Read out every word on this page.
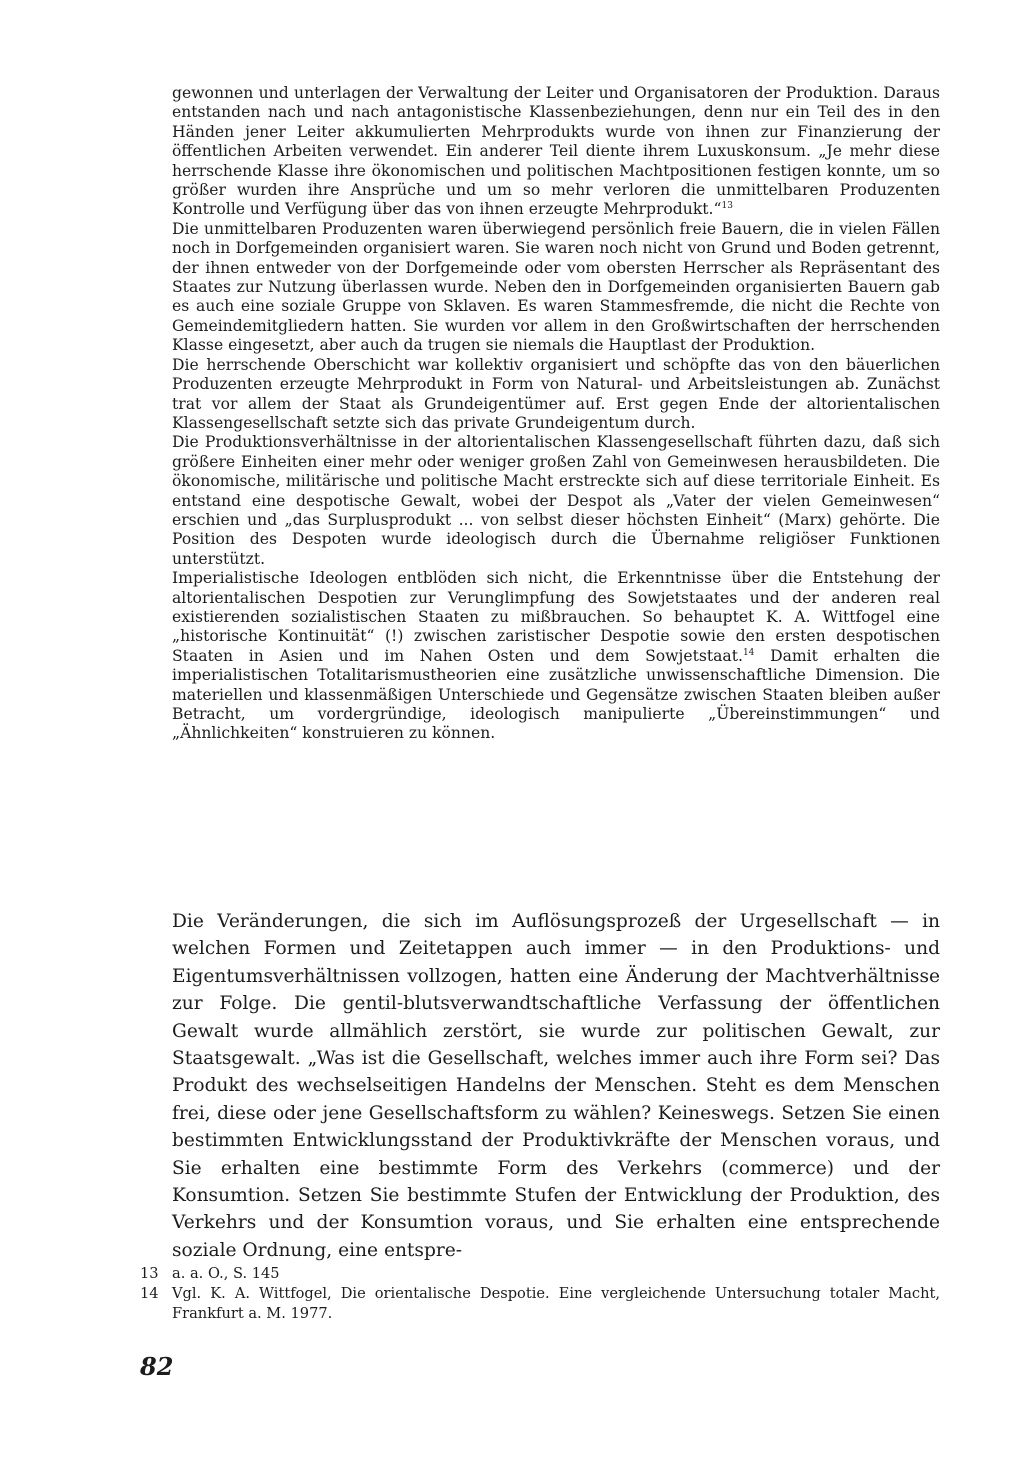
gewonnen und unterlagen der Verwaltung der Leiter und Organisatoren der Produktion. Daraus entstanden nach und nach antagonistische Klassenbeziehungen, denn nur ein Teil des in den Händen jener Leiter akkumulierten Mehrprodukts wurde von ihnen zur Finanzierung der öffentlichen Arbeiten verwendet. Ein anderer Teil diente ihrem Luxuskonsum. „Je mehr diese herrschende Klasse ihre ökonomischen und politischen Machtpositionen festigen konnte, um so größer wurden ihre Ansprüche und um so mehr verloren die unmittelbaren Produzenten Kontrolle und Verfügung über das von ihnen erzeugte Mehrprodukt.“$^{13}$

Die unmittelbaren Produzenten waren überwiegend persönlich freie Bauern, die in vielen Fällen noch in Dorfgemeinden organisiert waren. Sie waren noch nicht von Grund und Boden getrennt, der ihnen entweder von der Dorfgemeinde oder vom obersten Herrscher als Repräsentant des Staates zur Nutzung überlassen wurde. Neben den in Dorfgemeinden organisierten Bauern gab es auch eine soziale Gruppe von Sklaven. Es waren Stammesfremde, die nicht die Rechte von Gemeindemitgliedern hatten. Sie wurden vor allem in den Großwirtschaften der herrschenden Klasse eingesetzt, aber auch da trugen sie niemals die Hauptlast der Produktion.

Die herrschende Oberschicht war kollektiv organisiert und schöpfte das von den bäuerlichen Produzenten erzeugte Mehrprodukt in Form von Natural- und Arbeitsleistungen ab. Zunächst trat vor allem der Staat als Grundeigentümer auf. Erst gegen Ende der altorientalischen Klassengesellschaft setzte sich das private Grundeigentum durch.

Die Produktionsverhältnisse in der altorientalischen Klassengesellschaft führten dazu, daß sich größere Einheiten einer mehr oder weniger großen Zahl von Gemeinwesen herausbildeten. Die ökonomische, militärische und politische Macht erstreckte sich auf diese territoriale Einheit. Es entstand eine despotische Gewalt, wobei der Despot als „Vater der vielen Gemeinwesen“ erschien und „das Surplusprodukt ... von selbst dieser höchsten Einheit“ (Marx) gehörte. Die Position des Despoten wurde ideologisch durch die Übernahme religiöser Funktionen unterstützt.

Imperialistische Ideologen entblöden sich nicht, die Erkenntnisse über die Entstehung der altorientalischen Despotien zur Verunglimpfung des Sowjetstaates und der anderen real existierenden sozialistischen Staaten zu mißbrauchen. So behauptet K. A. Wittfogel eine „historische Kontinuität“ (!) zwischen zaristischer Despotie sowie den ersten despotischen Staaten in Asien und im Nahen Osten und dem Sowjetstaat.$^{14}$ Damit erhalten die imperialistischen Totalitarismustheorien eine zusätzliche unwissenschaftliche Dimension. Die materiellen und klassenmäßigen Unterschiede und Gegensätze zwischen Staaten bleiben außer Betracht, um vordergründige, ideologisch manipulierte „Übereinstimmungen“ und „Ähnlichkeiten“ konstruieren zu können.

Die Veränderungen, die sich im Auflösungsprozeß der Urgesellschaft — in welchen Formen und Zeitetappen auch immer — in den Produktions- und Eigentumsverhältnissen vollzogen, hatten eine Änderung der Machtverhältnisse zur Folge. Die gentil-blutsverwandtschaftliche Verfassung der öffentlichen Gewalt wurde allmählich zerstört, sie wurde zur politischen Gewalt, zur Staatsgewalt. „Was ist die Gesellschaft, welches immer auch ihre Form sei? Das Produkt des wechselseitigen Handelns der Menschen. Steht es dem Menschen frei, diese oder jene Gesellschaftsform zu wählen? Keineswegs. Setzen Sie einen bestimmten Entwicklungsstand der Produktivkräfte der Menschen voraus, und Sie erhalten eine bestimmte Form des Verkehrs (commerce) und der Konsumtion. Setzen Sie bestimmte Stufen der Entwicklung der Produktion, des Verkehrs und der Konsumtion voraus, und Sie erhalten eine entsprechende soziale Ordnung, eine entspre-

13 a. a. O., S. 145
14 Vgl. K. A. Wittfogel, Die orientalische Despotie. Eine vergleichende Untersuchung totaler Macht, Frankfurt a. M. 1977.
82
